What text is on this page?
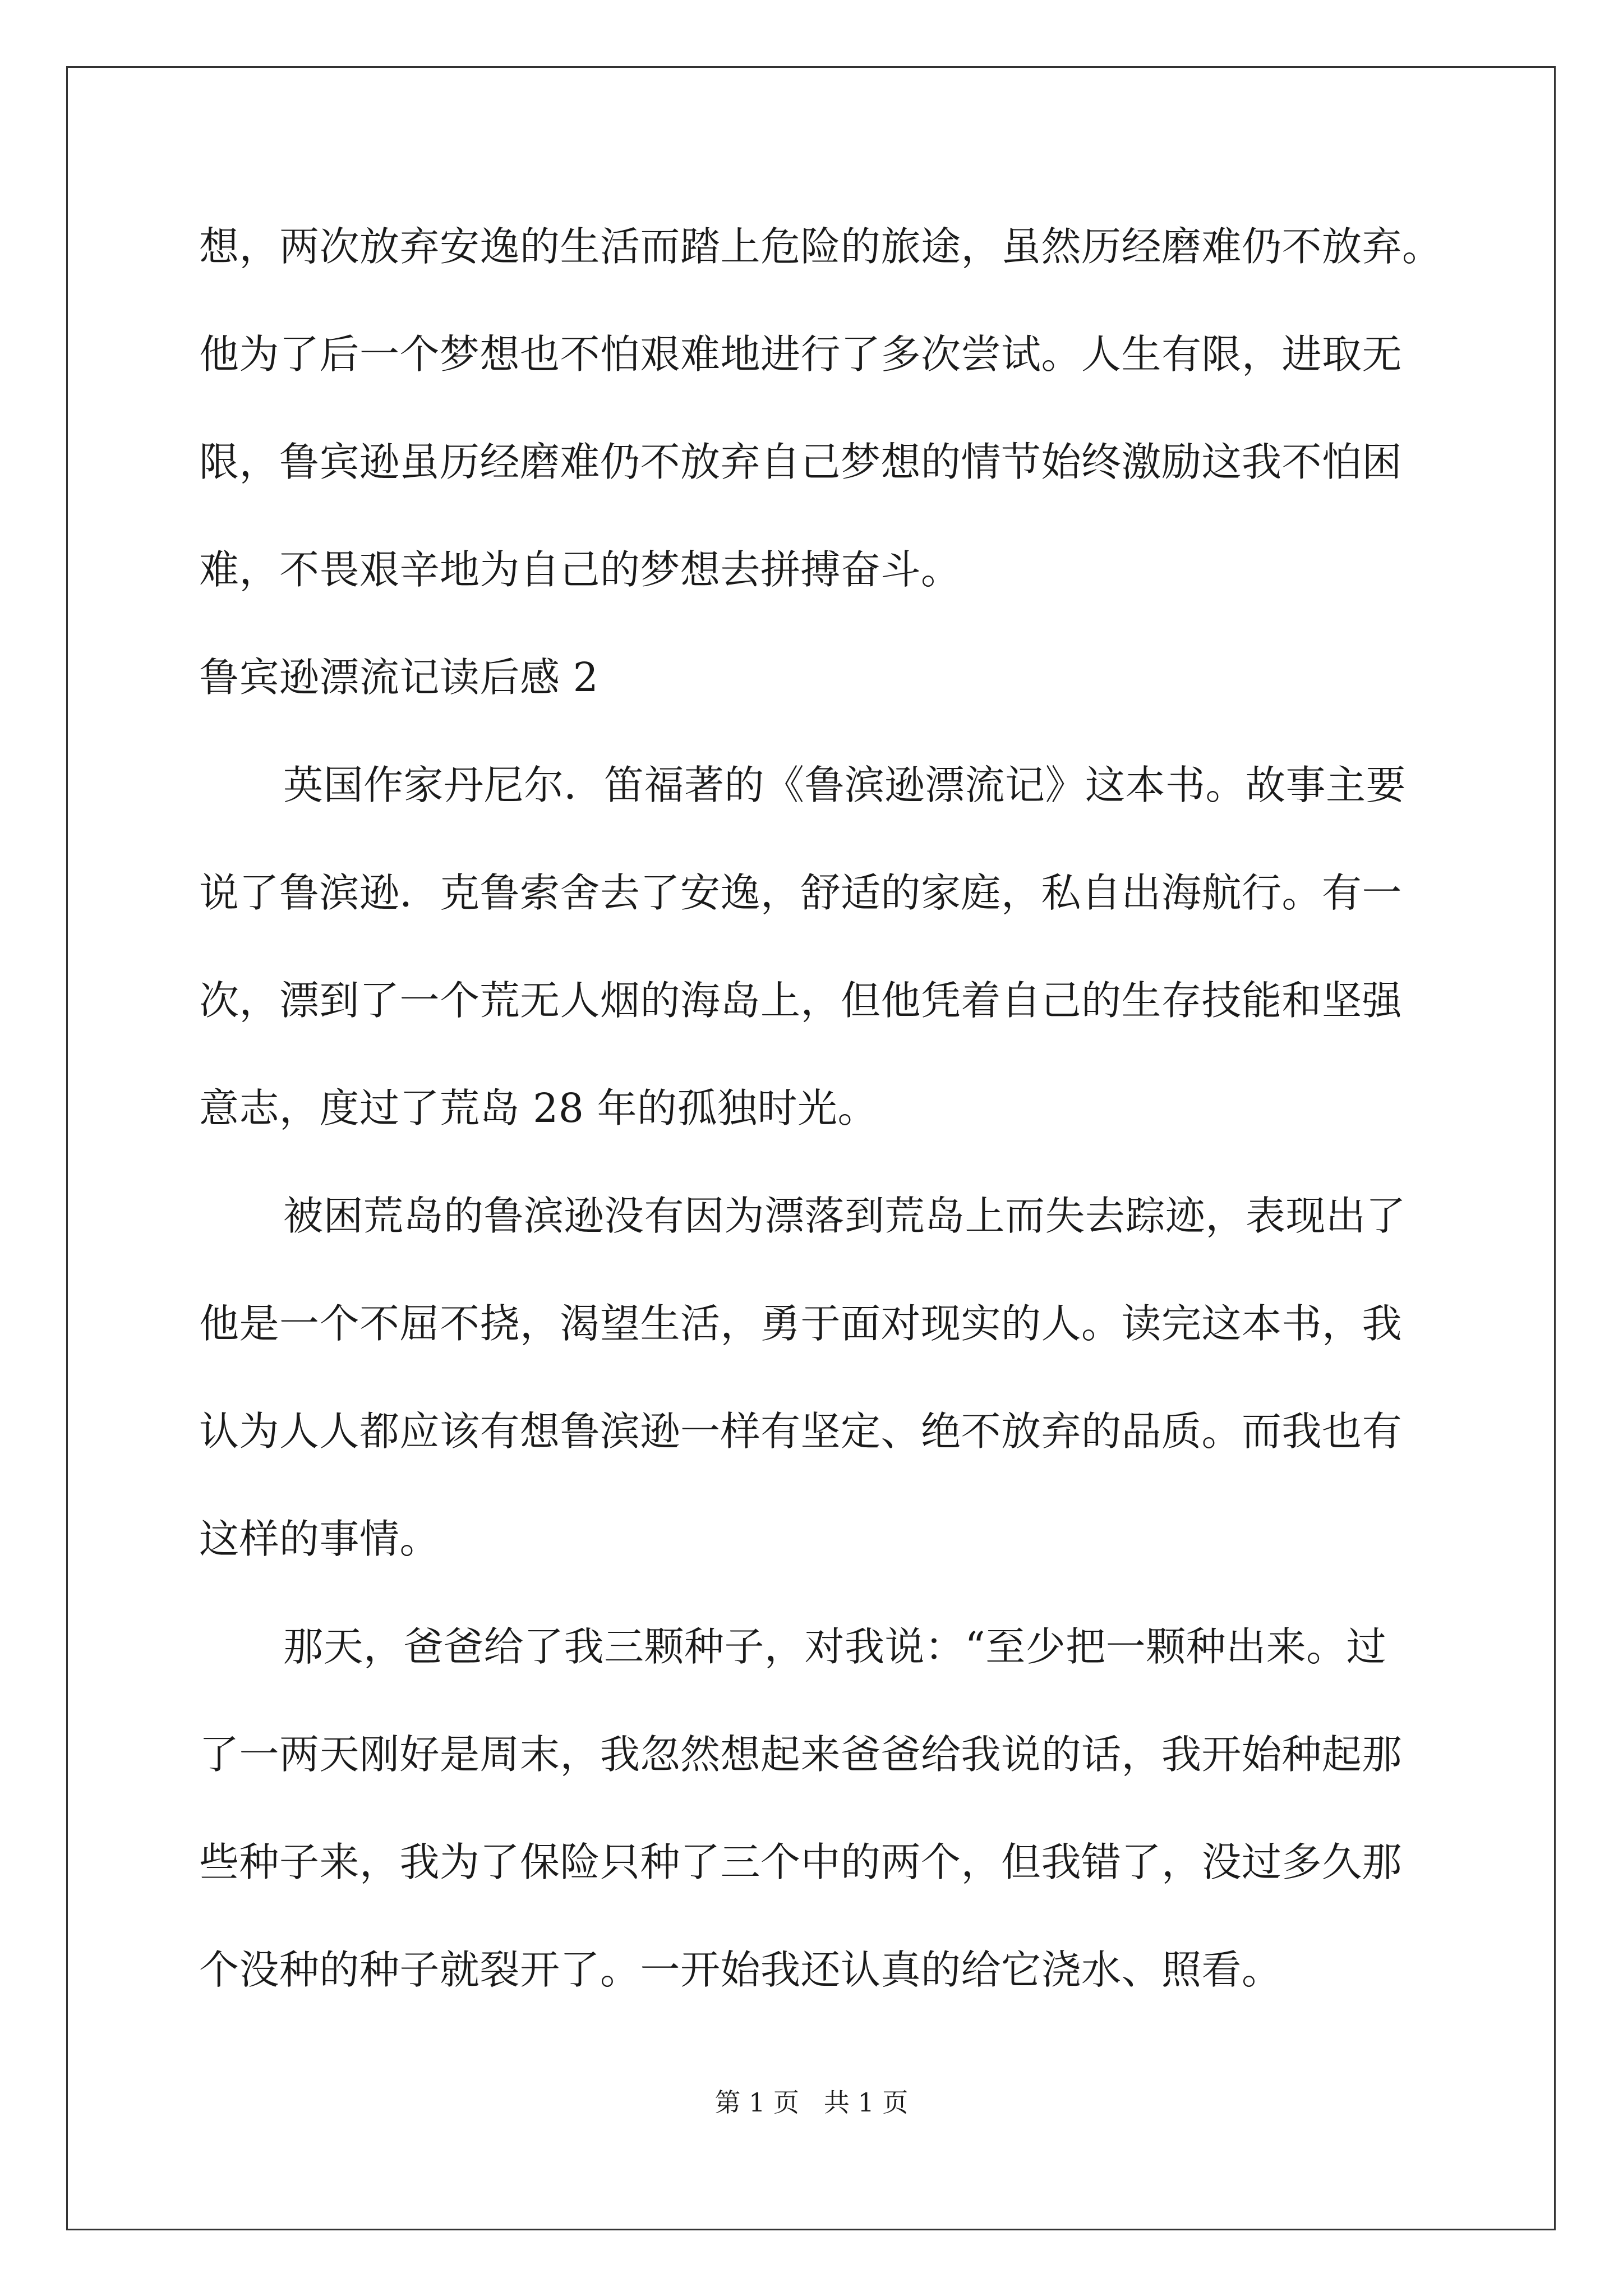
想，两次放弃安逸的生活而踏上危险的旅途，虽然历经磨难仍不放弃。
他为了后一个梦想也不怕艰难地进行了多次尝试。人生有限，进取无
限，鲁宾逊虽历经磨难仍不放弃自己梦想的情节始终激励这我不怕困
难，不畏艰辛地为自己的梦想去拼搏奋斗。
鲁宾逊漂流记读后感 2
英国作家丹尼尔．笛福著的《鲁滨逊漂流记》这本书。故事主要
说了鲁滨逊．克鲁索舍去了安逸，舒适的家庭，私自出海航行。有一
次，漂到了一个荒无人烟的海岛上，但他凭着自己的生存技能和坚强
意志，度过了荒岛 28 年的孤独时光。
被困荒岛的鲁滨逊没有因为漂落到荒岛上而失去踪迹，表现出了
他是一个不屈不挠，渴望生活，勇于面对现实的人。读完这本书，我
认为人人都应该有想鲁滨逊一样有坚定、绝不放弃的品质。而我也有
这样的事情。
那天，爸爸给了我三颗种子，对我说：“至少把一颗种出来。过
了一两天刚好是周末，我忽然想起来爸爸给我说的话，我开始种起那
些种子来，我为了保险只种了三个中的两个，但我错了，没过多久那
个没种的种子就裂开了。一开始我还认真的给它浇水、照看。
第 1 页   共 1 页
